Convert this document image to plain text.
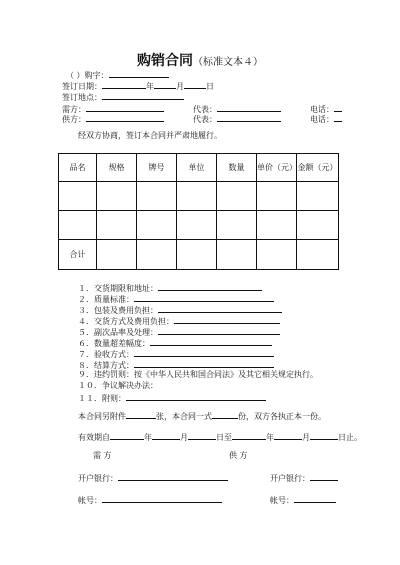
购销合同（标准文本４）
（ ）购字：
签订日期：	年	月	日
签订地点：
需方：	代表：	电话：
供方：	代表：	电话：
经双方协商，签订本合同并严肃地履行。
品名	规格	牌号	单位	数量	单价（元）	金额（元）

合计						
１．交货期限和地址：
２．质量标准：
３．包装及费用负担：
４．交货方式及费用负担：
５．副次品率及处理：
６．数量超差幅度：
７．验收方式：
８．结算方式：
９．违约罚则：按《中华人民共和国合同法》及其它相关规定执行。
１０．争议解决办法：
１１．附则：
本合同另附件	张，本合同一式	份，双方各执正本一份。
有效期自	年	月	日至	年	月	日止。
需 方	供 方
开户银行：	开户银行：
帐号：	帐号：
